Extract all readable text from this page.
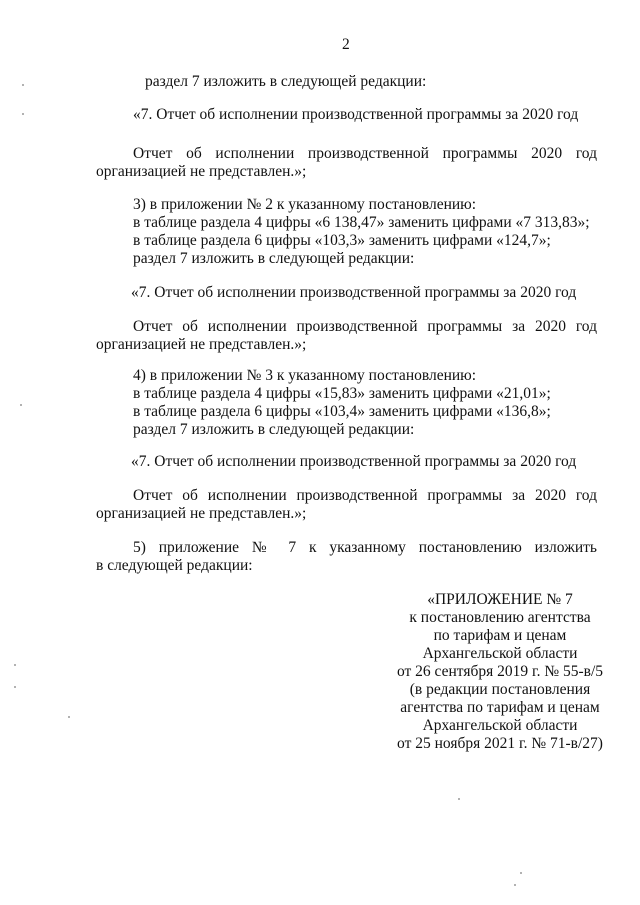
2
раздел 7 изложить в следующей редакции:
«7. Отчет об исполнении производственной программы за 2020 год
Отчет об исполнении производственной программы 2020 год
организацией не представлен.»;
3) в приложении № 2 к указанному постановлению:
в таблице раздела 4 цифры «6 138,47» заменить цифрами «7 313,83»;
в таблице раздела 6 цифры «103,3» заменить цифрами «124,7»;
раздел 7 изложить в следующей редакции:
«7. Отчет об исполнении производственной программы за 2020 год
Отчет об исполнении производственной программы за 2020 год
организацией не представлен.»;
4) в приложении № 3 к указанному постановлению:
в таблице раздела 4 цифры «15,83» заменить цифрами «21,01»;
в таблице раздела 6 цифры «103,4» заменить цифрами «136,8»;
раздел 7 изложить в следующей редакции:
«7. Отчет об исполнении производственной программы за 2020 год
Отчет об исполнении производственной программы за 2020 год
организацией не представлен.»;
5) приложение № 7 к указанному постановлению изложить
в следующей редакции:
«ПРИЛОЖЕНИЕ № 7
к постановлению агентства
по тарифам и ценам
Архангельской области
от 26 сентября 2019 г. № 55-в/5
(в редакции постановления
агентства по тарифам и ценам
Архангельской области
от 25 ноября 2021 г. № 71-в/27)
